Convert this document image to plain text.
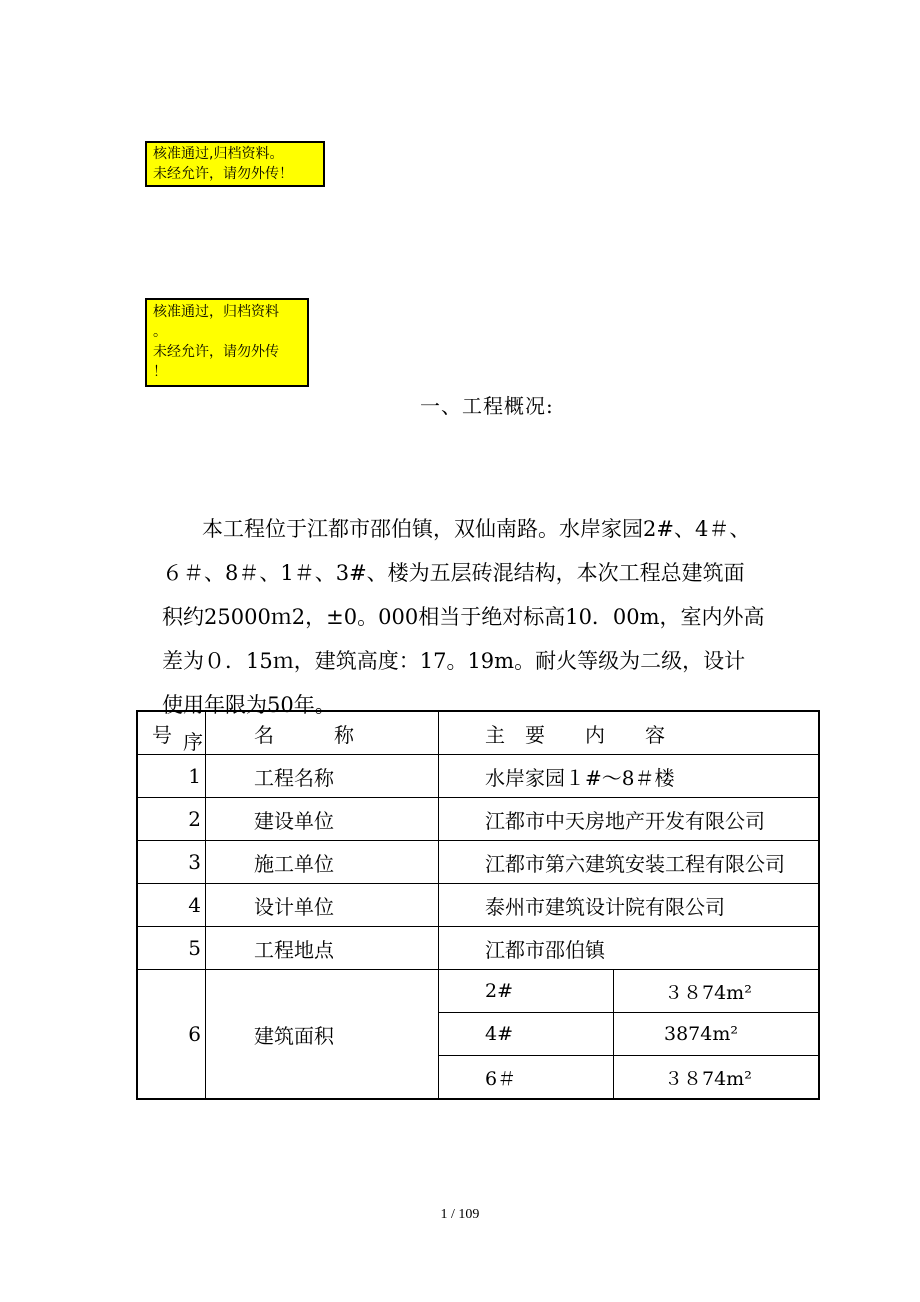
核准通过,归档资料。
未经允许，请勿外传！
核准通过，归档资料
。
未经允许，请勿外传
！
一、工程概况:
本工程位于江都市邵伯镇，双仙南路。水岸家园2#、4＃、
６＃、8＃、1＃、3#、楼为五层砖混结构，本次工程总建筑面
积约25000ｍ2，±0。000相当于绝对标高10．00m，室内外高
差为０．15ｍ，建筑高度：17。19m。耐火等级为二级，设计
使用年限为50年。
序
号	名　　　称	主　要　　内　　容	
1	工程名称	水岸家园１#～8＃楼	
2	建设单位	江都市中天房地产开发有限公司	
3	施工单位	江都市第六建筑安装工程有限公司	
4	设计单位	泰州市建筑设计院有限公司	
5	工程地点	江都市邵伯镇	
6	建筑面积	2#	３８74m²
		4#	3874m²
		6＃	３８74m²
1 / 109
